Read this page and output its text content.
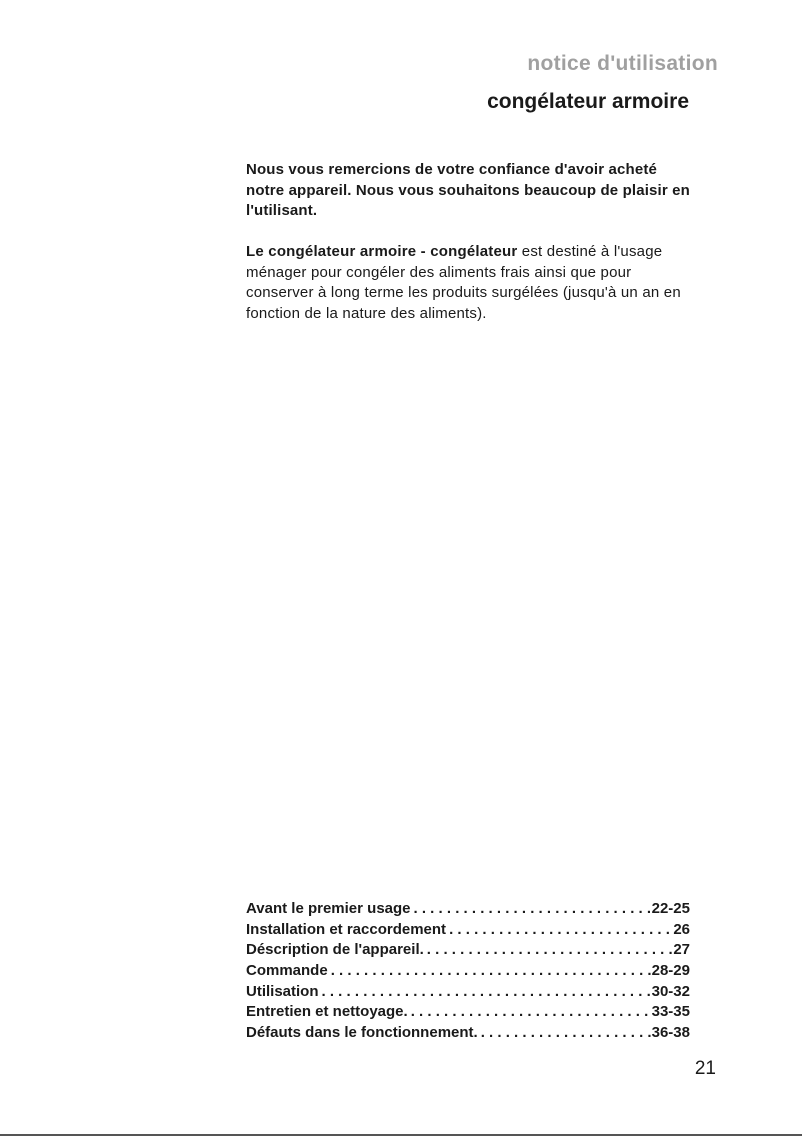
notice d'utilisation
congélateur armoire

Nous vous remercions de votre confiance d'avoir acheté notre appareil. Nous vous souhaitons beaucoup de plaisir en l'utilisant.

Le congélateur armoire - congélateur est destiné à l'usage ménager pour congéler des aliments frais ainsi que pour conserver à long terme les produits surgélées (jusqu'à un an en fonction de la nature des aliments).

Avant le premier usage . . .	22-25
Installation et raccordement . . .	26
Déscription de l'appareil. . . .	27
Commande . . .	28-29
Utilisation . . .	30-32
Entretien et nettoyage. . . .	33-35
Défauts dans le fonctionnement. . . .	36-38
21
